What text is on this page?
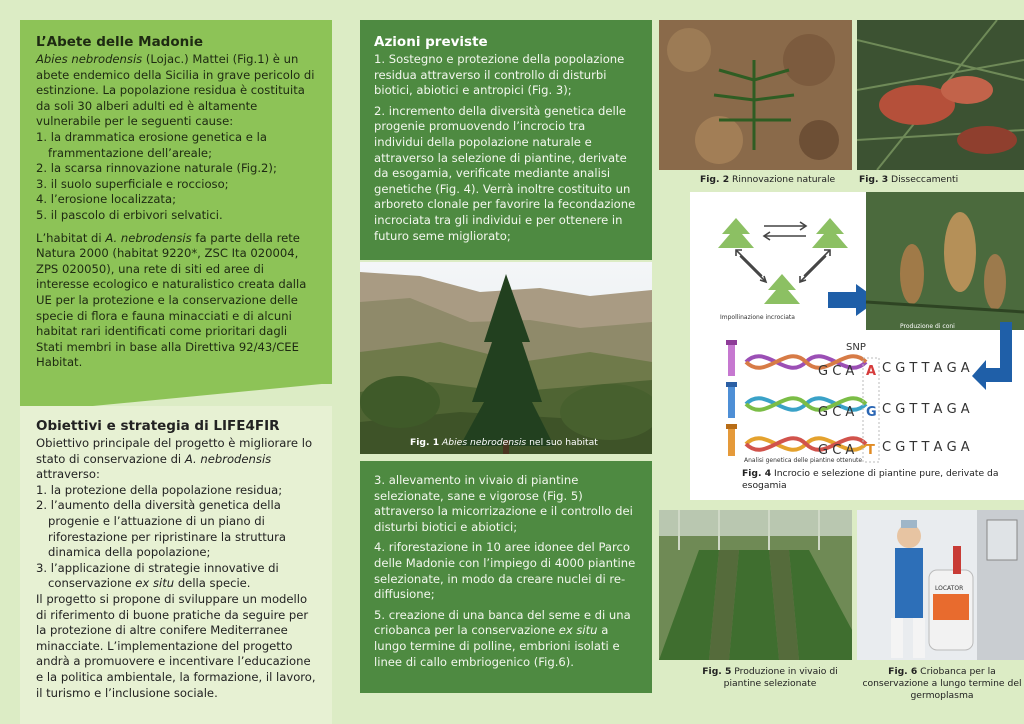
L’Abete delle Madonie

Abies nebrodensis (Lojac.) Mattei (Fig.1) è un abete endemico della Sicilia in grave pericolo di estinzione. La popolazione residua è costituita da soli 30 alberi adulti ed è altamente vulnerabile per le seguenti cause:

1. la drammatica erosione genetica e la frammentazione dell’areale;
2. la scarsa rinnovazione naturale (Fig.2);
3. il suolo superficiale e roccioso;
4. l’erosione localizzata;
5. il pascolo di erbivori selvatici.

L’habitat di A. nebrodensis fa parte della rete Natura 2000 (habitat 9220*, ZSC Ita 020004, ZPS 020050), una rete di siti ed aree di interesse ecologico e naturalistico creata dalla UE per la protezione e la conservazione delle specie di flora e fauna minacciati e di alcuni habitat rari identificati come prioritari dagli Stati membri in base alla Direttiva 92/43/CEE Habitat.

Obiettivi e strategia di LIFE4FIR

Obiettivo principale del progetto è migliorare lo stato di conservazione di A. nebrodensis

attraverso:

1. la protezione della popolazione residua;
2. l’aumento della diversità genetica della progenie e l’attuazione di un piano di riforestazione per ripristinare la struttura dinamica della popolazione;
3. l’applicazione di strategie innovative di conservazione ex situ della specie.

Il progetto si propone di sviluppare un modello di riferimento di buone pratiche da seguire per la protezione di altre conifere Mediterranee minacciate. L’implementazione del progetto andrà a promuovere e incentivare l’educazione e la politica ambientale, la formazione, il lavoro, il turismo e l’inclusione sociale.

Azioni previste

1. Sostegno e protezione della popolazione residua attraverso il controllo di disturbi biotici, abiotici e antropici (Fig. 3);

2. incremento della diversità genetica delle progenie promuovendo l’incrocio tra individui della popolazione naturale e attraverso la selezione di piantine, derivate da esogamia, verificate mediante analisi genetiche (Fig. 4). Verrà inoltre costituito un arboreto clonale per favorire la fecondazione incrociata tra gli individui e per ottenere in futuro seme migliorato;

Fig. 1 Abies nebrodensis nel suo habitat

3. allevamento in vivaio di piantine selezionate, sane e vigorose (Fig. 5) attraverso la micorrizazione e il controllo dei disturbi biotici e abiotici;

4. riforestazione in 10 aree idonee del Parco delle Madonie con l’impiego di 4000 piantine selezionate, in modo da creare nuclei di re-diffusione;

5. creazione di una banca del seme e di una criobanca per la conservazione ex situ a lungo termine di polline, embrioni isolati e linee di callo embriogenico (Fig.6).

Fig. 2 Rinnovazione naturale	Fig. 3 Disseccamenti
Impollinazione incrociata
Produzione di coni
SNP
G C A A C G T T A G A
G C A G C G T T A G A
G C A T C G T T A G A
Analisi genetica delle piantine ottenute
Fig. 4 Incrocio e selezione di piantine pure, derivate da esogamia
Fig. 5 Produzione in vivaio di piantine selezionate
LOCATOR
Fig. 6 Criobanca per la conservazione a lungo termine del germoplasma
